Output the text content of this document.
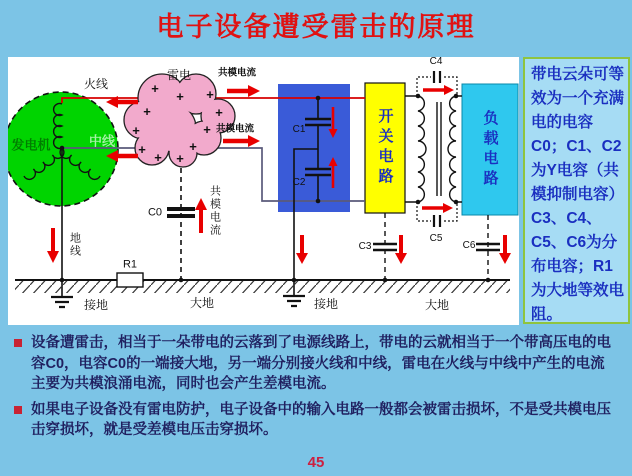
电子设备遭受雷击的原理
+
+ +
+	+
+	+
+
+ +
+
火线
雷电	共模电流
共模电流
发电机	中线
C0	共模电流
地线
R1
接地	大地	接地	大地
C1
C2
C3
C4
C5
C6
开关电路	负载电路
带电云朵可等效为一个充满电的电容C0；C1、C2为Y电容（共模抑制电容）C3、C4、C5、C6为分布电容；R1为大地等效电阻。
设备遭雷击，相当于一朵带电的云落到了电源线路上，带电的云就相当于一个带高压电的电容C0，电容C0的一端接大地，另一端分别接火线和中线，雷电在火线与中线中产生的电流主要为共模浪涌电流，同时也会产生差模电流。
如果电子设备没有雷电防护，电子设备中的输入电路一般都会被雷击损坏，不是受共模电压击穿损坏，就是受差模电压击穿损坏。
45
